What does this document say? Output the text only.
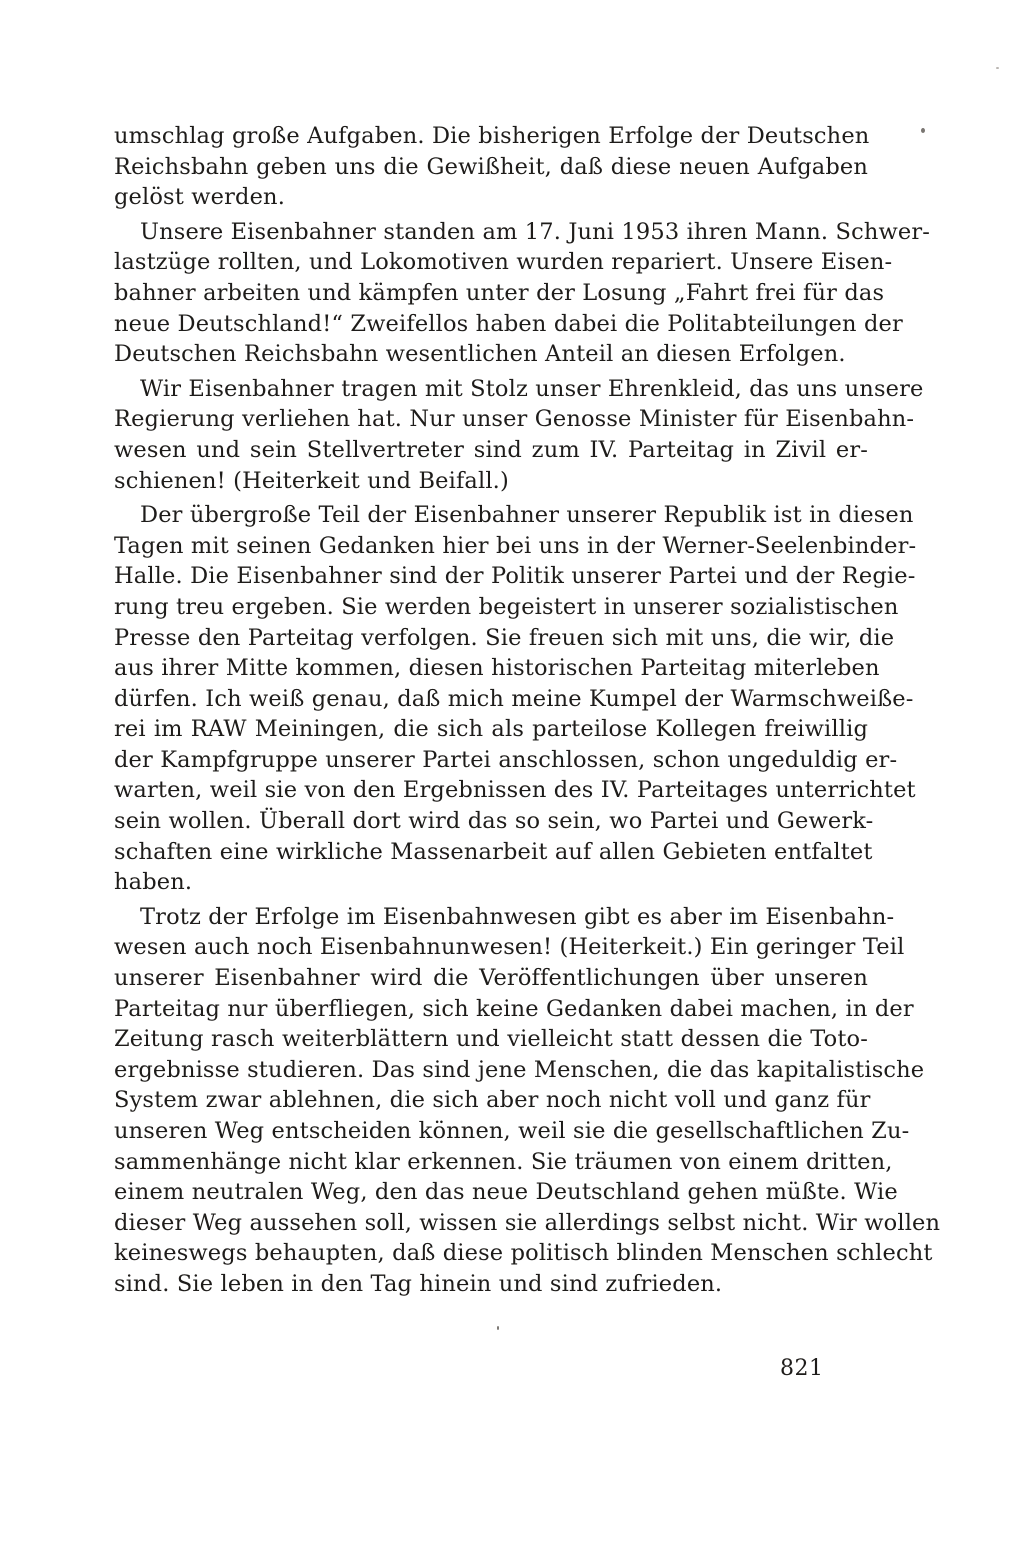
umschlag große Aufgaben. Die bisherigen Erfolge der Deutschen
Reichsbahn geben uns die Gewißheit, daß diese neuen Aufgaben
gelöst werden.
Unsere Eisenbahner standen am 17. Juni 1953 ihren Mann. Schwer-
lastzüge rollten, und Lokomotiven wurden repariert. Unsere Eisen-
bahner arbeiten und kämpfen unter der Losung „Fahrt frei für das
neue Deutschland!“ Zweifellos haben dabei die Politabteilungen der
Deutschen Reichsbahn wesentlichen Anteil an diesen Erfolgen.
Wir Eisenbahner tragen mit Stolz unser Ehrenkleid, das uns unsere
Regierung verliehen hat. Nur unser Genosse Minister für Eisenbahn-
wesen und sein Stellvertreter sind zum IV. Parteitag in Zivil er-
schienen! (Heiterkeit und Beifall.)
Der übergroße Teil der Eisenbahner unserer Republik ist in diesen
Tagen mit seinen Gedanken hier bei uns in der Werner-Seelenbinder-
Halle. Die Eisenbahner sind der Politik unserer Partei und der Regie-
rung treu ergeben. Sie werden begeistert in unserer sozialistischen
Presse den Parteitag verfolgen. Sie freuen sich mit uns, die wir, die
aus ihrer Mitte kommen, diesen historischen Parteitag miterleben
dürfen. Ich weiß genau, daß mich meine Kumpel der Warmschweiße-
rei im RAW Meiningen, die sich als parteilose Kollegen freiwillig
der Kampfgruppe unserer Partei anschlossen, schon ungeduldig er-
warten, weil sie von den Ergebnissen des IV. Parteitages unterrichtet
sein wollen. Überall dort wird das so sein, wo Partei und Gewerk-
schaften eine wirkliche Massenarbeit auf allen Gebieten entfaltet
haben.
Trotz der Erfolge im Eisenbahnwesen gibt es aber im Eisenbahn-
wesen auch noch Eisenbahnunwesen! (Heiterkeit.) Ein geringer Teil
unserer Eisenbahner wird die Veröffentlichungen über unseren
Parteitag nur überfliegen, sich keine Gedanken dabei machen, in der
Zeitung rasch weiterblättern und vielleicht statt dessen die Toto-
ergebnisse studieren. Das sind jene Menschen, die das kapitalistische
System zwar ablehnen, die sich aber noch nicht voll und ganz für
unseren Weg entscheiden können, weil sie die gesellschaftlichen Zu-
sammenhänge nicht klar erkennen. Sie träumen von einem dritten,
einem neutralen Weg, den das neue Deutschland gehen müßte. Wie
dieser Weg aussehen soll, wissen sie allerdings selbst nicht. Wir wollen
keineswegs behaupten, daß diese politisch blinden Menschen schlecht
sind. Sie leben in den Tag hinein und sind zufrieden.
821
